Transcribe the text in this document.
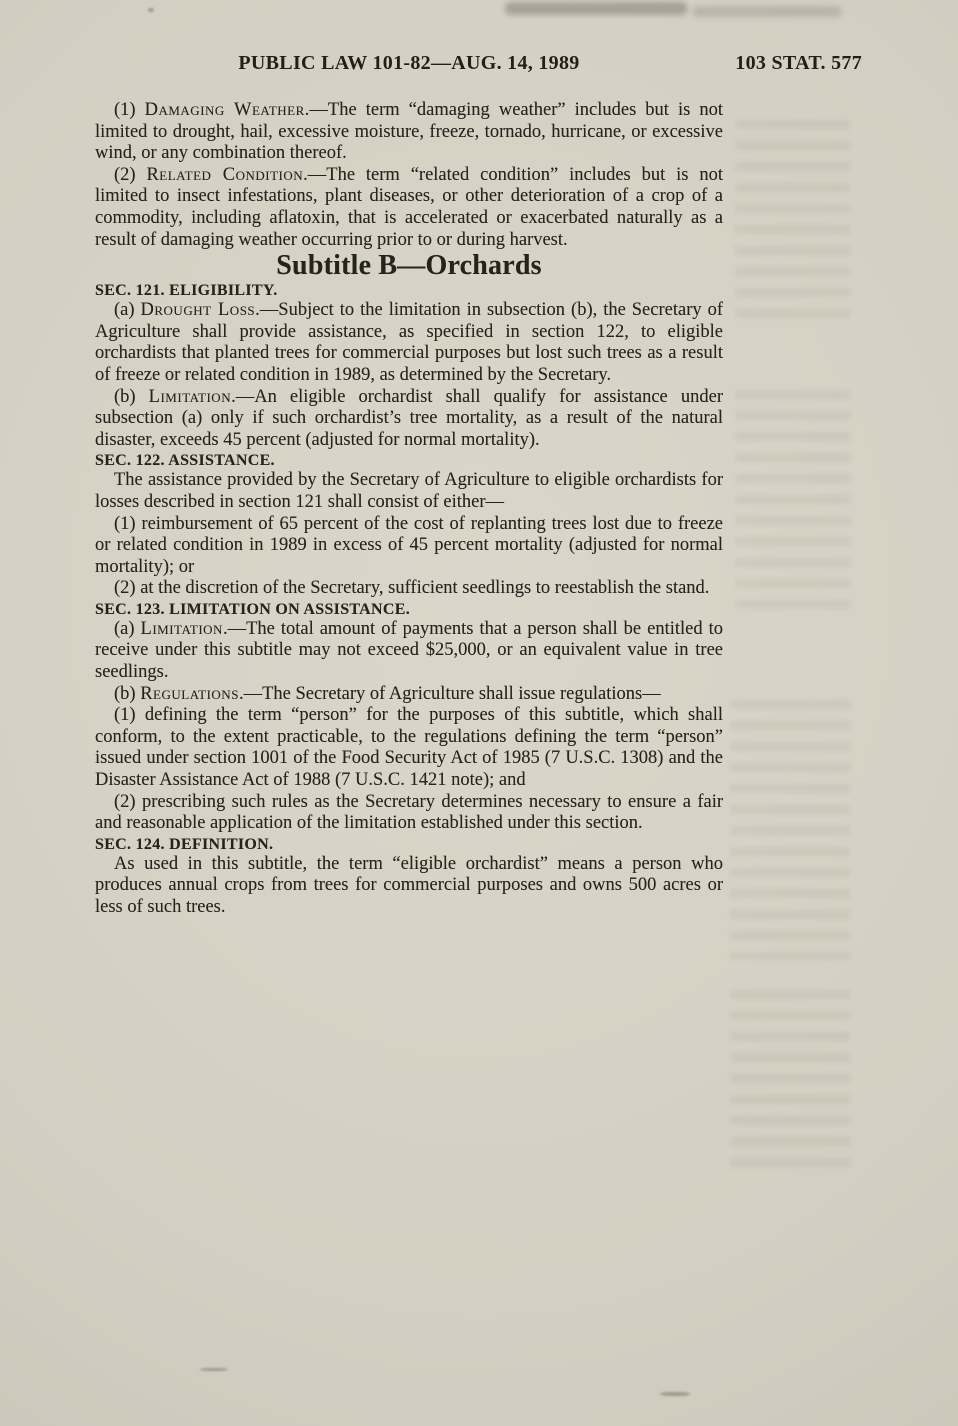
PUBLIC LAW 101-82—AUG. 14, 1989	103 STAT. 577

(1) Damaging Weather.—The term “damaging weather” includes but is not limited to drought, hail, excessive moisture, freeze, tornado, hurricane, or excessive wind, or any combination thereof.

(2) Related Condition.—The term “related condition” includes but is not limited to insect infestations, plant diseases, or other deterioration of a crop of a commodity, including aflatoxin, that is accelerated or exacerbated naturally as a result of damaging weather occurring prior to or during harvest.

Subtitle B—Orchards

SEC. 121. ELIGIBILITY.

(a) Drought Loss.—Subject to the limitation in subsection (b), the Secretary of Agriculture shall provide assistance, as specified in section 122, to eligible orchardists that planted trees for commercial purposes but lost such trees as a result of freeze or related condition in 1989, as determined by the Secretary.

(b) Limitation.—An eligible orchardist shall qualify for assistance under subsection (a) only if such orchardist’s tree mortality, as a result of the natural disaster, exceeds 45 percent (adjusted for normal mortality).

SEC. 122. ASSISTANCE.

The assistance provided by the Secretary of Agriculture to eligible orchardists for losses described in section 121 shall consist of either—

(1) reimbursement of 65 percent of the cost of replanting trees lost due to freeze or related condition in 1989 in excess of 45 percent mortality (adjusted for normal mortality); or

(2) at the discretion of the Secretary, sufficient seedlings to reestablish the stand.

SEC. 123. LIMITATION ON ASSISTANCE.

(a) Limitation.—The total amount of payments that a person shall be entitled to receive under this subtitle may not exceed $25,000, or an equivalent value in tree seedlings.

(b) Regulations.—The Secretary of Agriculture shall issue regulations—

(1) defining the term “person” for the purposes of this subtitle, which shall conform, to the extent practicable, to the regulations defining the term “person” issued under section 1001 of the Food Security Act of 1985 (7 U.S.C. 1308) and the Disaster Assistance Act of 1988 (7 U.S.C. 1421 note); and

(2) prescribing such rules as the Secretary determines necessary to ensure a fair and reasonable application of the limitation established under this section.

SEC. 124. DEFINITION.

As used in this subtitle, the term “eligible orchardist” means a person who produces annual crops from trees for commercial purposes and owns 500 acres or less of such trees.
